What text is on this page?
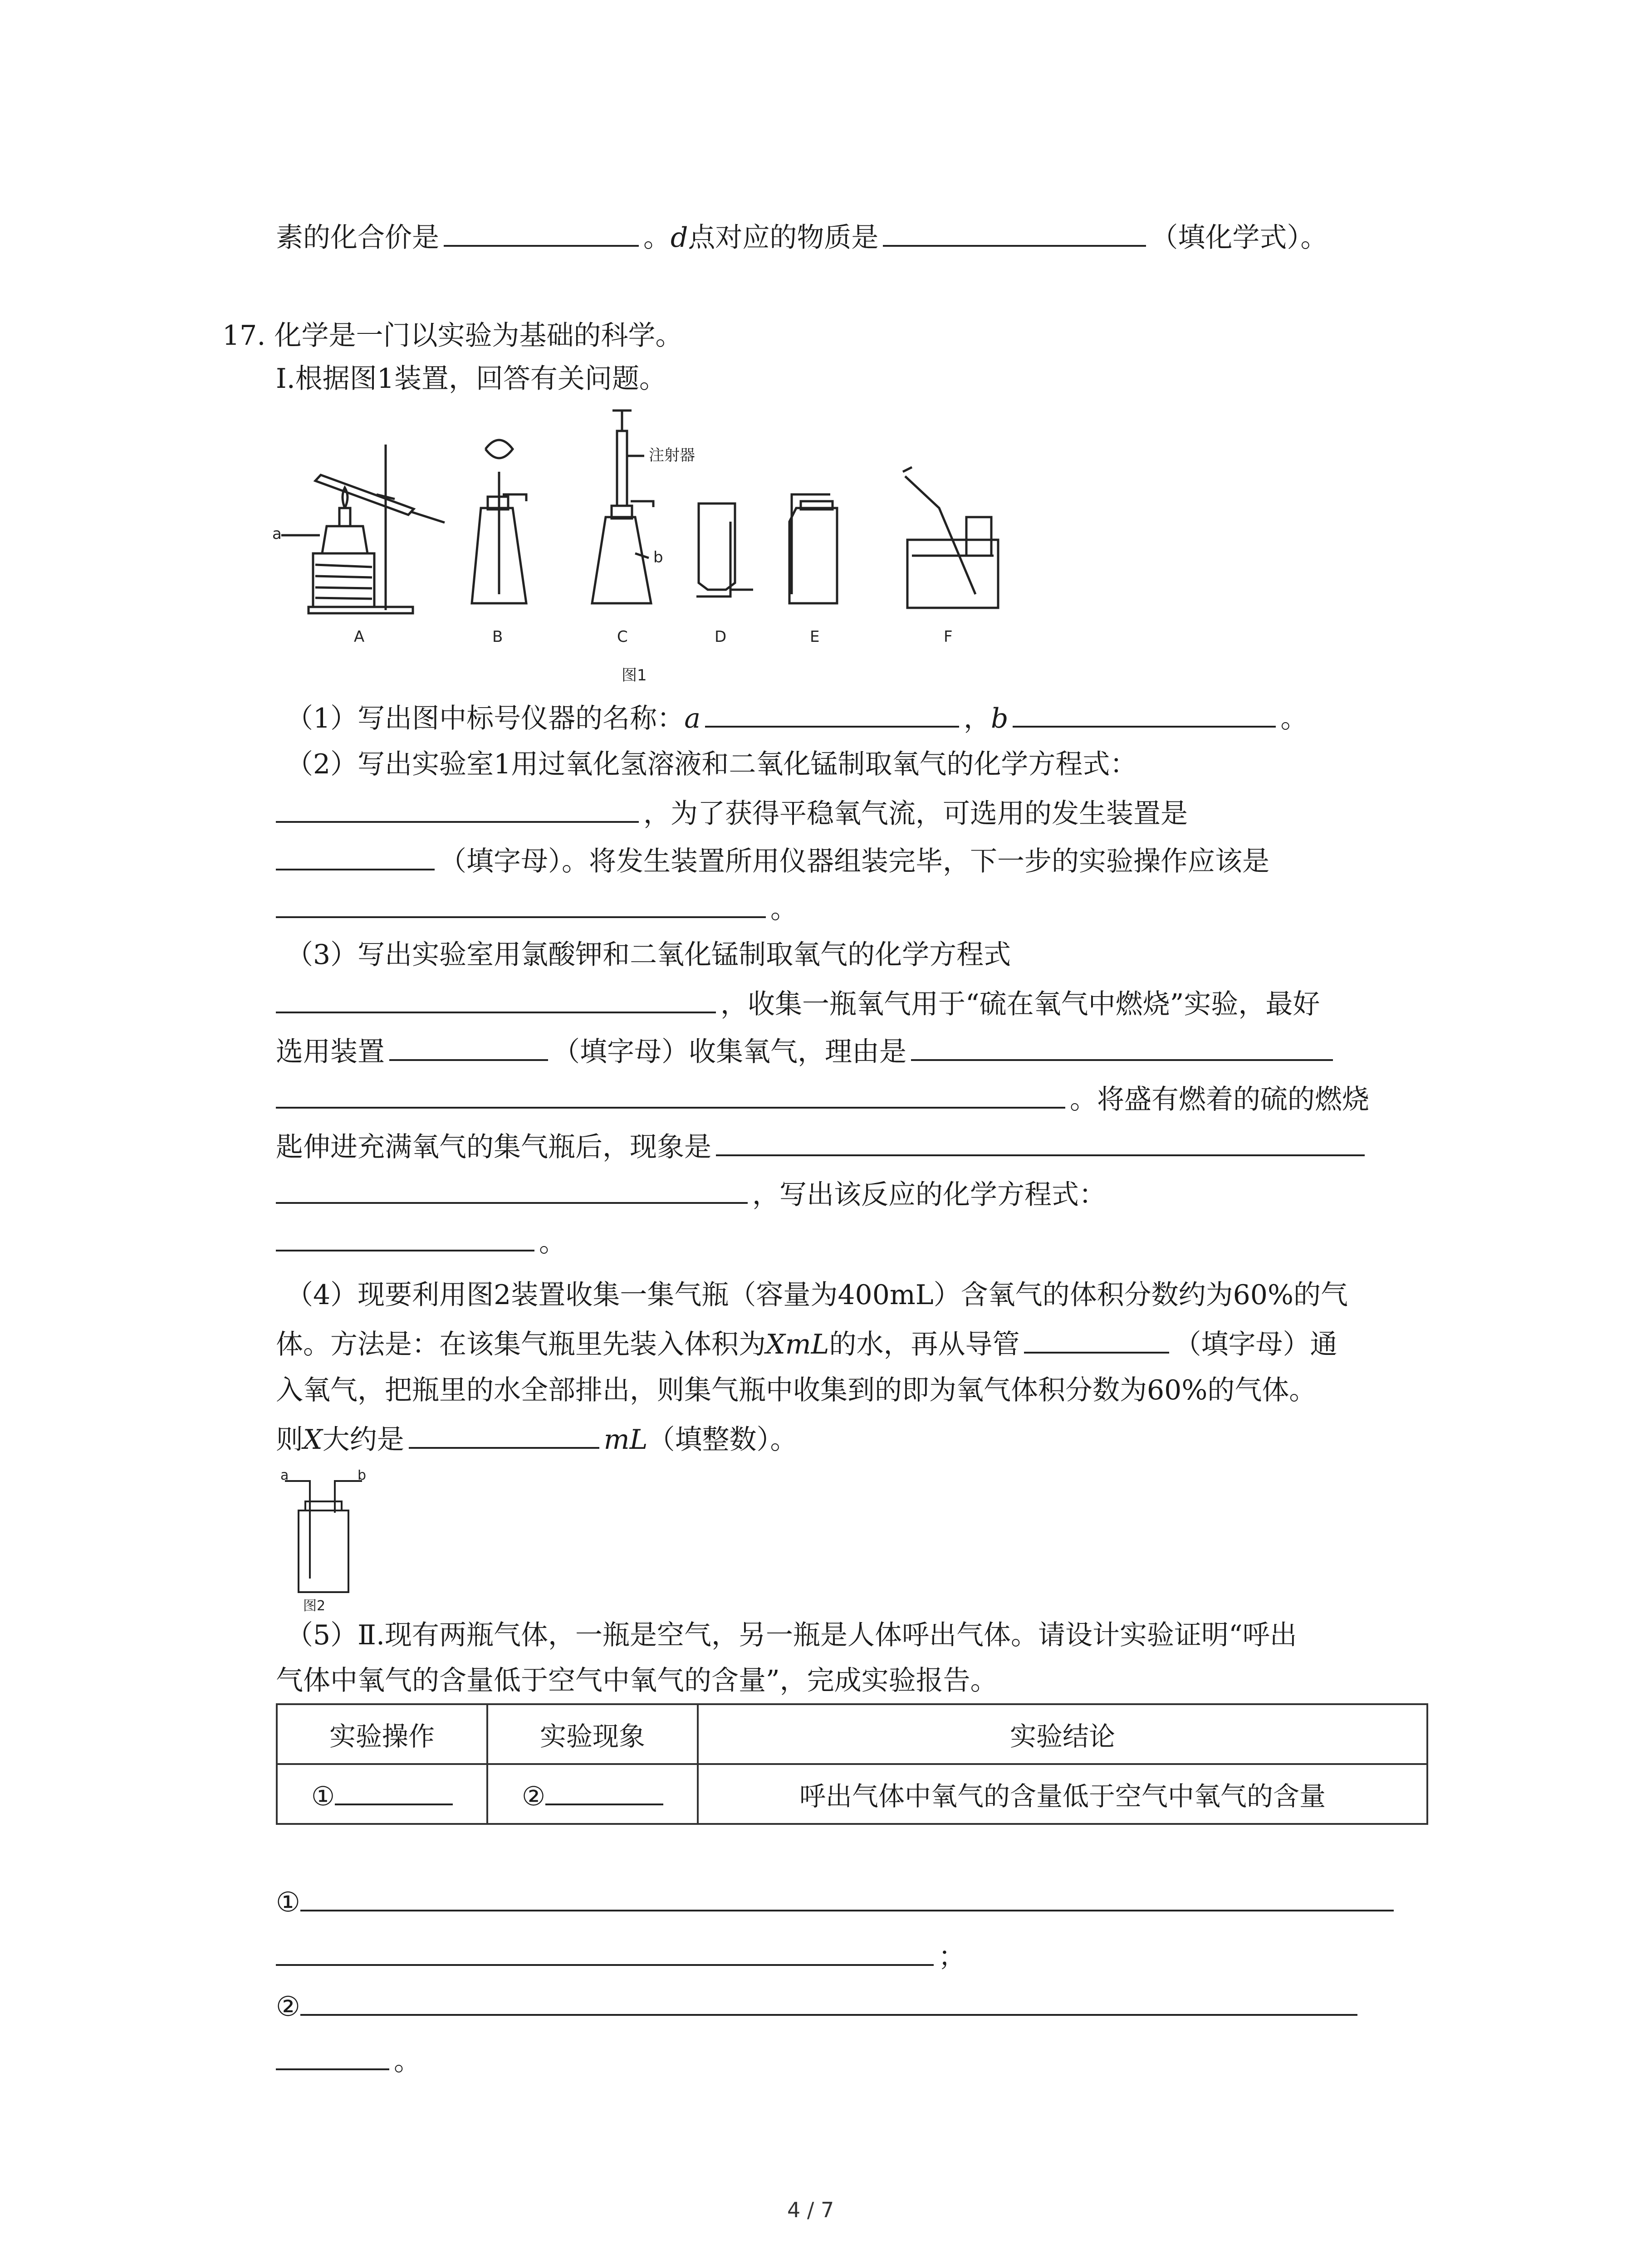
素的化合价是	。d点对应的物质是	（填化学式）。
17. 化学是一门以实验为基础的科学。
Ⅰ.根据图1装置，回答有关问题。
a
b
注射器
A	B	C	D	E	F
图1
（1）写出图中标号仪器的名称：a	，b	。
（2）写出实验室1用过氧化氢溶液和二氧化锰制取氧气的化学方程式：
，为了获得平稳氧气流，可选用的发生装置是
（填字母）。将发生装置所用仪器组装完毕，下一步的实验操作应该是
。
（3）写出实验室用氯酸钾和二氧化锰制取氧气的化学方程式
，收集一瓶氧气用于“硫在氧气中燃烧”实验，最好
选用装置	（填字母）收集氧气，理由是
。将盛有燃着的硫的燃烧
匙伸进充满氧气的集气瓶后，现象是
，写出该反应的化学方程式：
。
（4）现要利用图2装置收集一集气瓶（容量为400mL）含氧气的体积分数约为60%的气
体。方法是：在该集气瓶里先装入体积为XmL的水，再从导管	（填字母）通
入氧气，把瓶里的水全部排出，则集气瓶中收集到的即为氧气体积分数为60%的气体。
则X大约是	mL（填整数）。
a	b
图2
（5）Ⅱ.现有两瓶气体，一瓶是空气，另一瓶是人体呼出气体。请设计实验证明“呼出
气体中氧气的含量低于空气中氧气的含量”，完成实验报告。
实验操作	实验现象	实验结论
①	②	呼出气体中氧气的含量低于空气中氧气的含量
①
；
②
。
4 / 7
